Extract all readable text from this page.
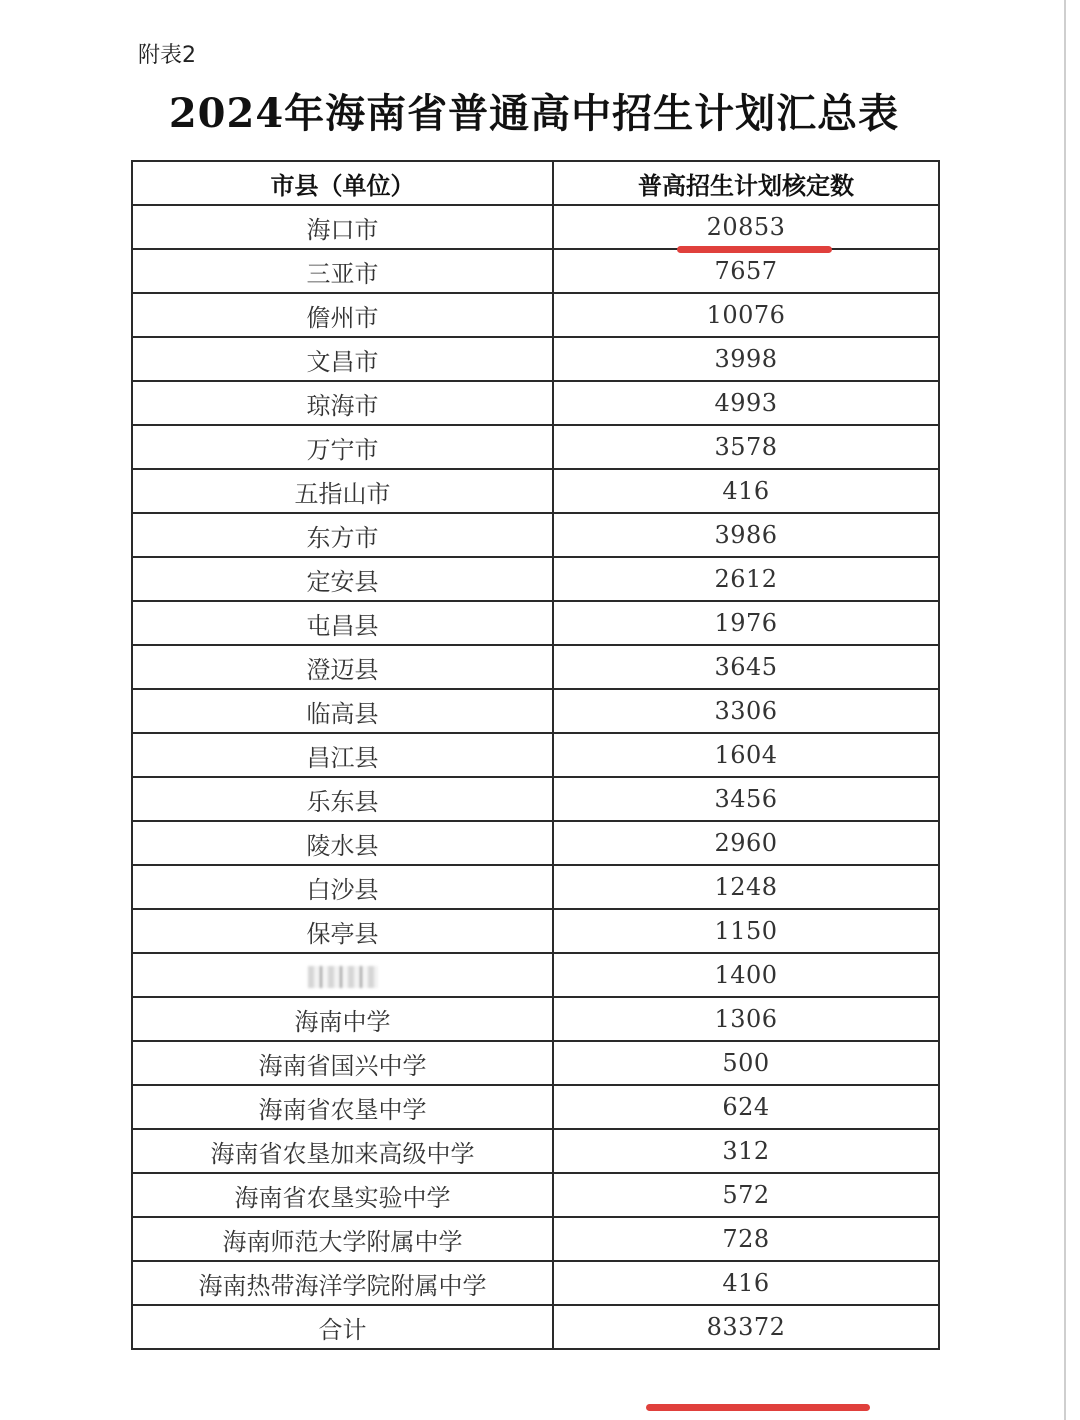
附表2
2024年海南省普通高中招生计划汇总表
市县（单位）	普高招生计划核定数
海口市	20853
三亚市	7657
儋州市	10076
文昌市	3998
琼海市	4993
万宁市	3578
五指山市	416
东方市	3986
定安县	2612
屯昌县	1976
澄迈县	3645
临高县	3306
昌江县	1604
乐东县	3456
陵水县	2960
白沙县	1248
保亭县	1150
	1400
海南中学	1306
海南省国兴中学	500
海南省农垦中学	624
海南省农垦加来高级中学	312
海南省农垦实验中学	572
海南师范大学附属中学	728
海南热带海洋学院附属中学	416
合计	83372
